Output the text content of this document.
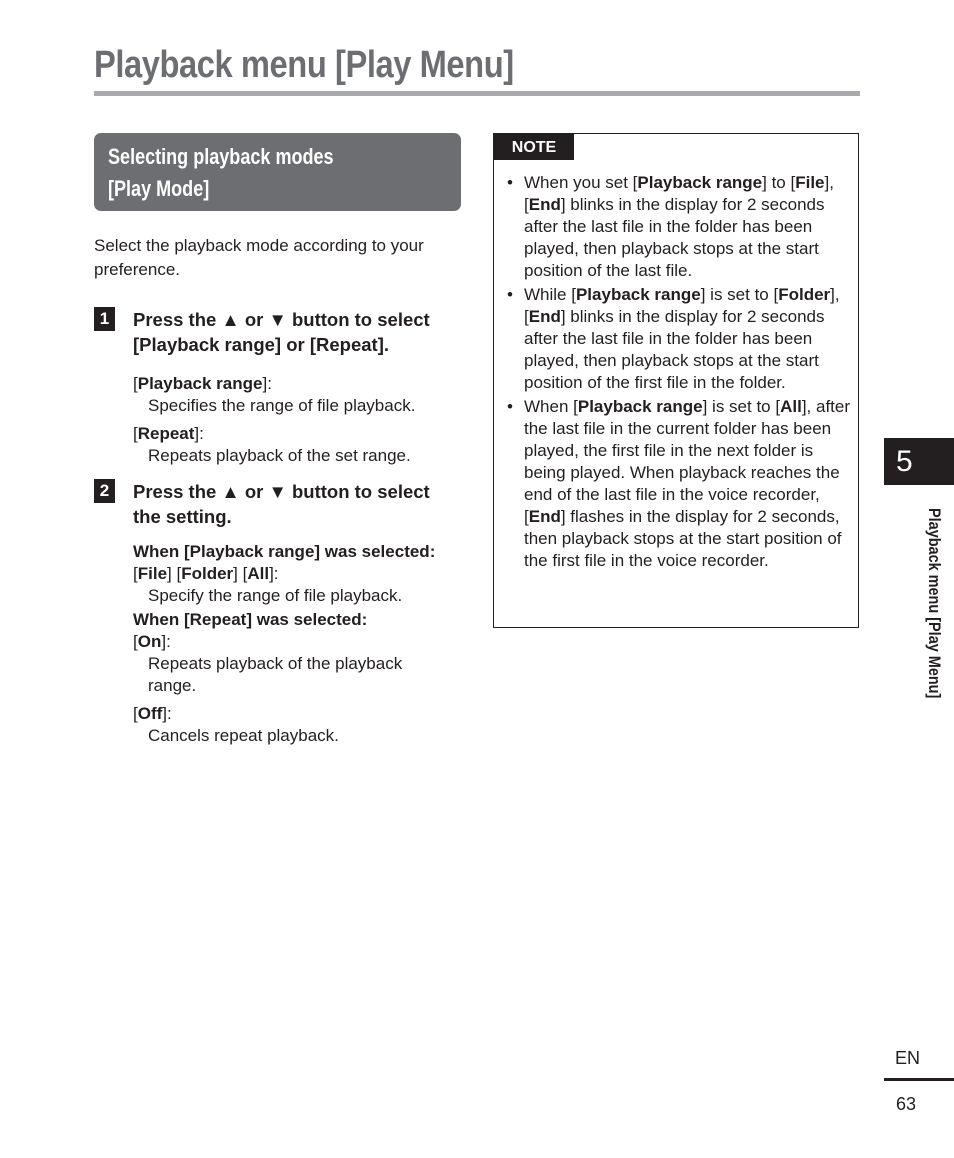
Playback menu [Play Menu]
Selecting playback modes
[Play Mode]
Select the playback mode according to your
preference.
1	Press the ▲ or ▼ button to select
[Playback range] or [Repeat].
[Playback range]:
Specifies the range of file playback.
[Repeat]:
Repeats playback of the set range.
2	Press the ▲ or ▼ button to select
the setting.
When [Playback range] was selected:
[File] [Folder] [All]:
Specify the range of file playback.
When [Repeat] was selected:
[On]:
Repeats playback of the playback
range.
[Off]:
Cancels repeat playback.
NOTE
• When you set [Playback range] to [File], [End] blinks in the display for 2 seconds after the last file in the folder has been played, then playback stops at the start position of the last file.
• While [Playback range] is set to [Folder], [End] blinks in the display for 2 seconds after the last file in the folder has been played, then playback stops at the start position of the first file in the folder.
• When [Playback range] is set to [All], after the last file in the current folder has been played, the first file in the next folder is being played. When playback reaches the end of the last file in the voice recorder, [End] flashes in the display for 2 seconds, then playback stops at the start position of the first file in the voice recorder.
5
Playback menu [Play Menu]
EN
63
